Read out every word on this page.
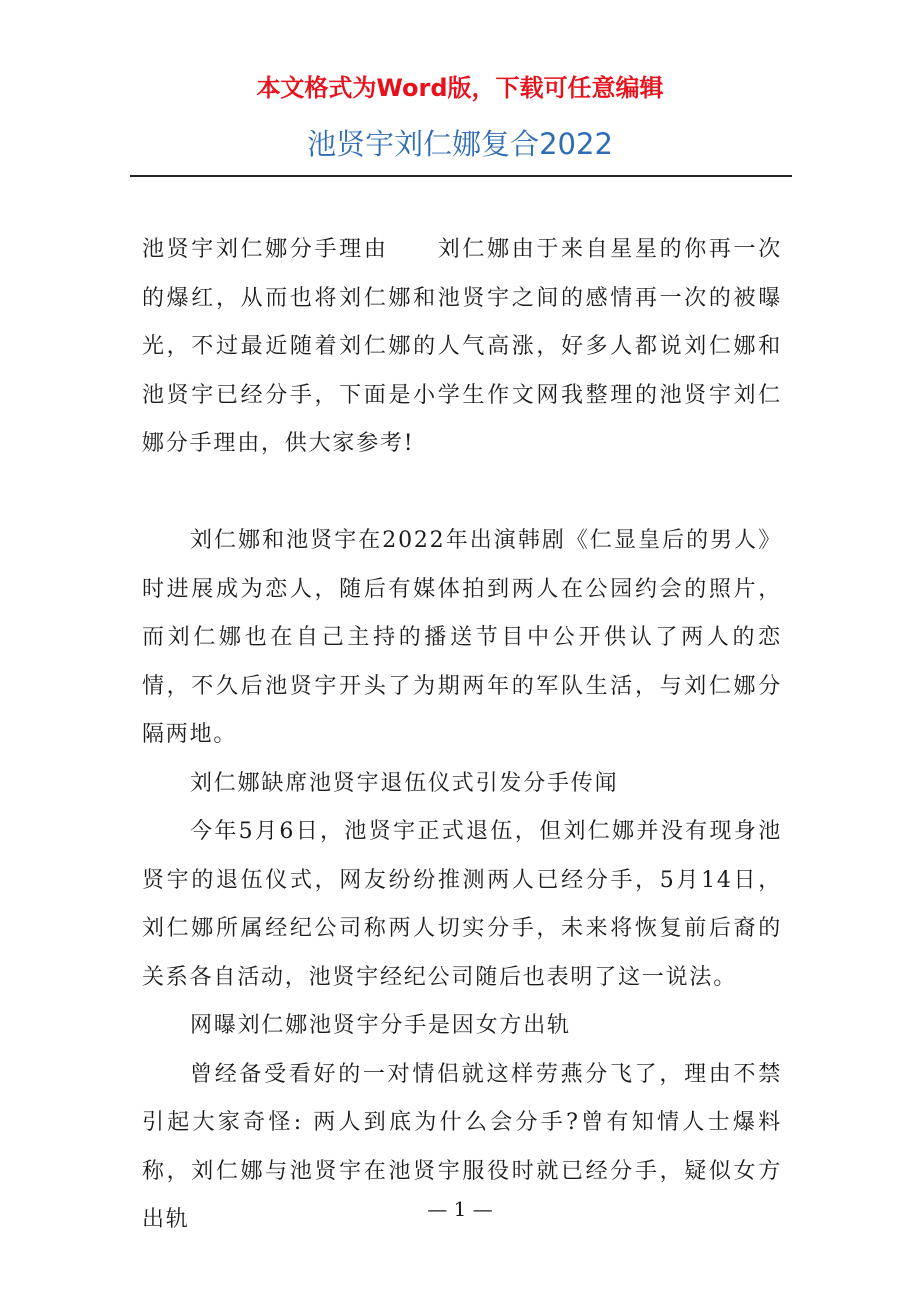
本文格式为Word版，下载可任意编辑
池贤宇刘仁娜复合2022

池贤宇刘仁娜分手理由　　刘仁娜由于来自星星的你再一次的爆红，从而也将刘仁娜和池贤宇之间的感情再一次的被曝光，不过最近随着刘仁娜的人气高涨，好多人都说刘仁娜和池贤宇已经分手，下面是小学生作文网我整理的池贤宇刘仁娜分手理由，供大家参考!

刘仁娜和池贤宇在2022年出演韩剧《仁显皇后的男人》时进展成为恋人，随后有媒体拍到两人在公园约会的照片，而刘仁娜也在自己主持的播送节目中公开供认了两人的恋情，不久后池贤宇开头了为期两年的军队生活，与刘仁娜分隔两地。

刘仁娜缺席池贤宇退伍仪式引发分手传闻

今年5月6日，池贤宇正式退伍，但刘仁娜并没有现身池贤宇的退伍仪式，网友纷纷推测两人已经分手，5月14日，刘仁娜所属经纪公司称两人切实分手，未来将恢复前后裔的关系各自活动，池贤宇经纪公司随后也表明了这一说法。

网曝刘仁娜池贤宇分手是因女方出轨

曾经备受看好的一对情侣就这样劳燕分飞了，理由不禁引起大家奇怪: 两人到底为什么会分手?曾有知情人士爆料称，刘仁娜与池贤宇在池贤宇服役时就已经分手，疑似女方出轨	— 1 —
